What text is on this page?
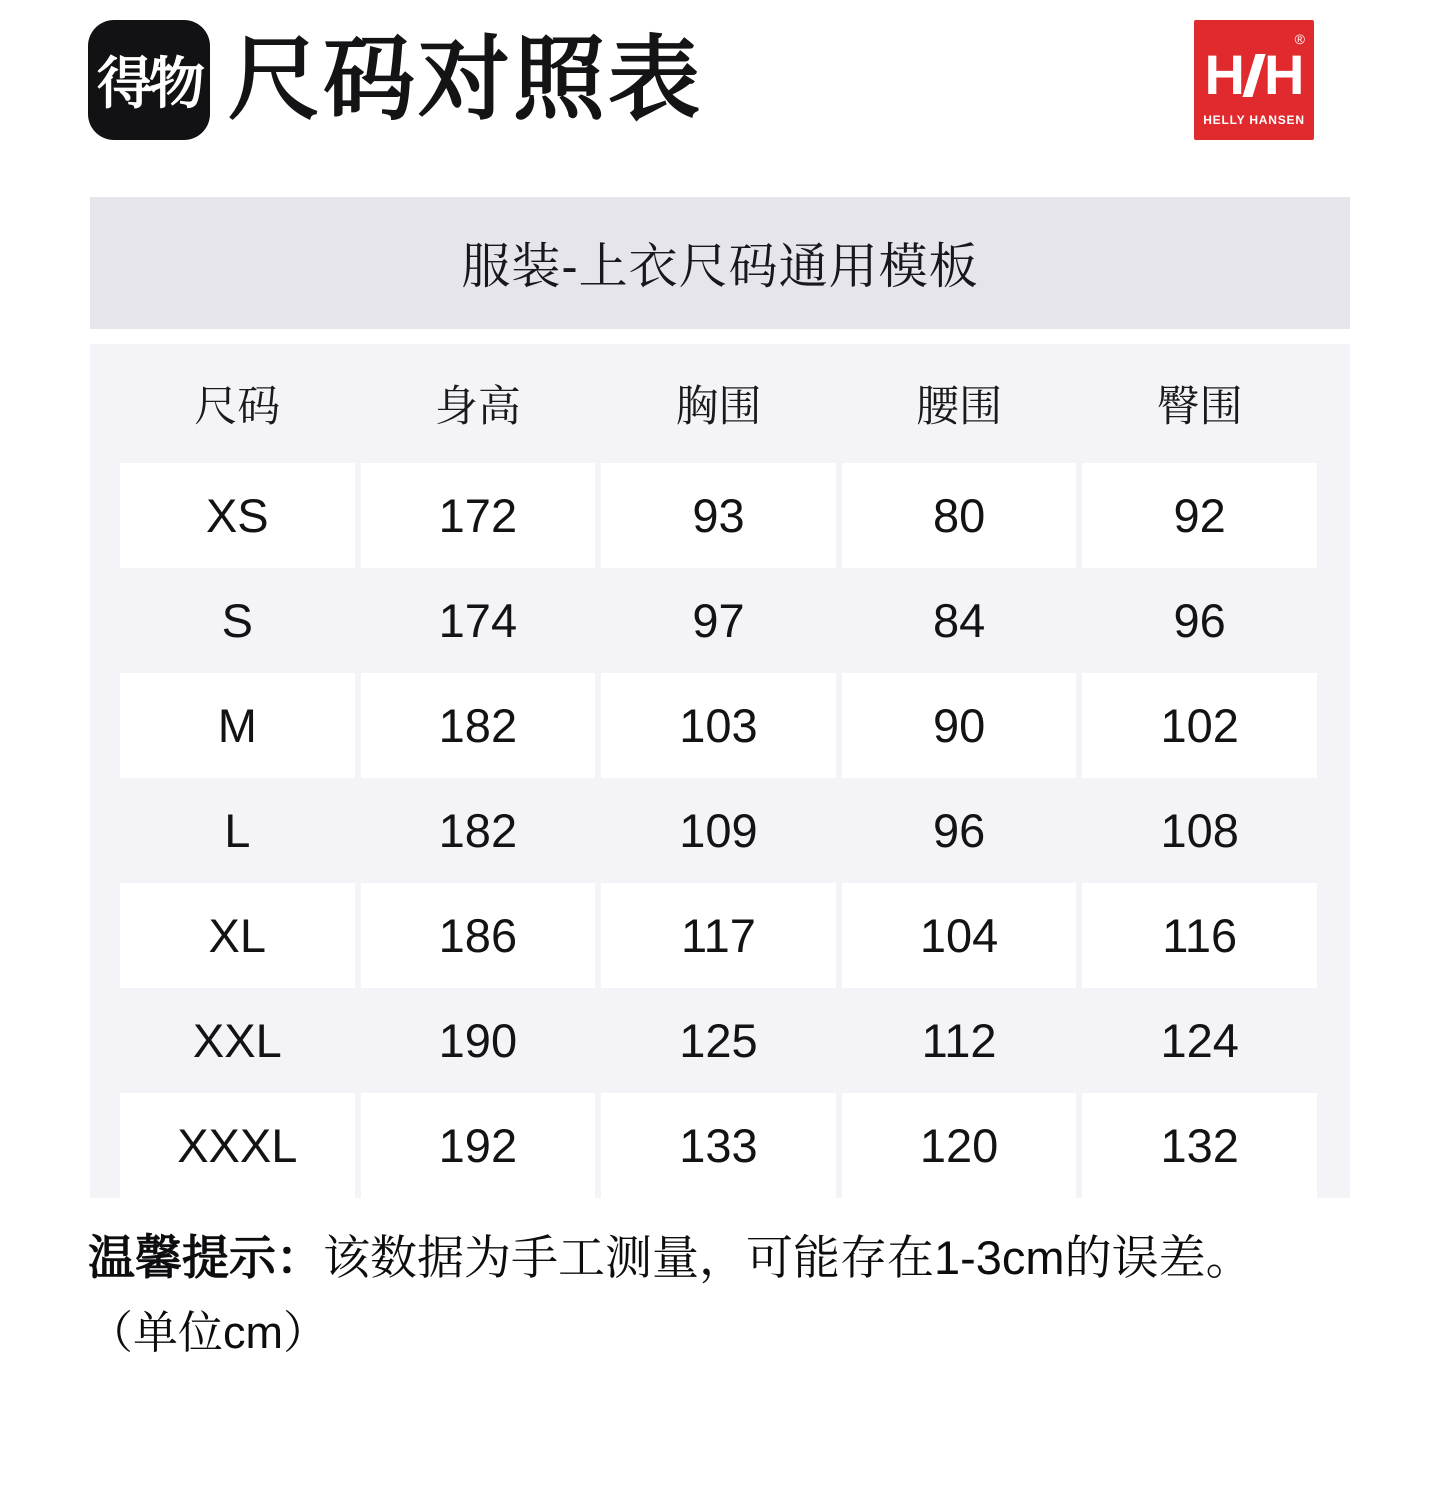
得物 尺码对照表	®
H H
HELLY HANSEN
服装-上衣尺码通用模板
尺码	身高	胸围	腰围	臀围
XS	172	93	80	92
S	174	97	84	96
M	182	103	90	102
L	182	109	96	108
XL	186	117	104	116
XXL	190	125	112	124
XXXL	192	133	120	132
温馨提示：该数据为手工测量，可能存在1-3cm的误差。
（单位cm）
